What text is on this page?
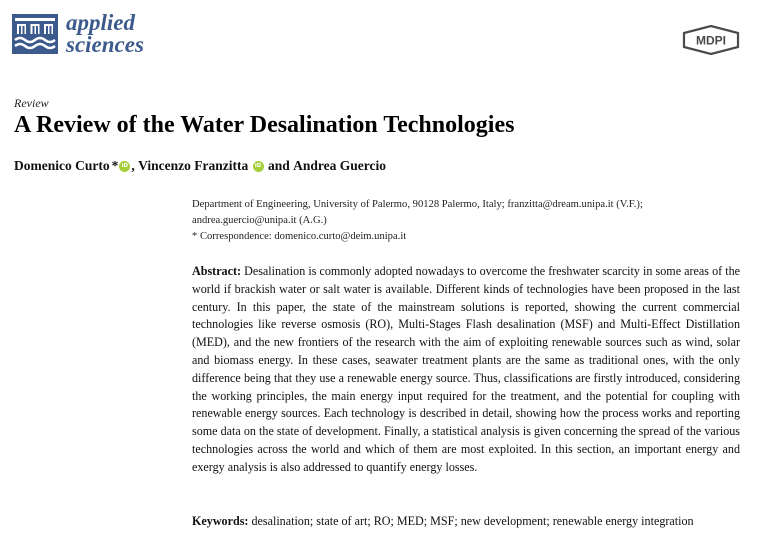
applied
sciences	MDPI
Review
A Review of the Water Desalination Technologies
Domenico Curto * iD , Vincenzo Franzitta
	iD and Andrea Guercio

Department of Engineering, University of Palermo, 90128 Palermo, Italy; franzitta@dream.unipa.it (V.F.);

andrea.guercio@unipa.it (A.G.)

* Correspondence: domenico.curto@deim.unipa.it

Abstract: Desalination is commonly adopted nowadays to overcome the freshwater scarcity in some areas of the world if brackish water or salt water is available. Different kinds of technologies have been proposed in the last century. In this paper, the state of the mainstream solutions is reported, showing the current commercial technologies like reverse osmosis (RO), Multi-Stages Flash desalination (MSF) and Multi-Effect Distillation (MED), and the new frontiers of the research with the aim of exploiting renewable sources such as wind, solar and biomass energy. In these cases, seawater treatment plants are the same as traditional ones, with the only difference being that they use a renewable energy source. Thus, classifications are firstly introduced, considering the working principles, the main energy input required for the treatment, and the potential for coupling with renewable energy sources. Each technology is described in detail, showing how the process works and reporting some data on the state of development. Finally, a statistical analysis is given concerning the spread of the various technologies across the world and which of them are most exploited. In this section, an important energy and exergy analysis is also addressed to quantify energy losses.

Keywords: desalination; state of art; RO; MED; MSF; new development; renewable energy integration
